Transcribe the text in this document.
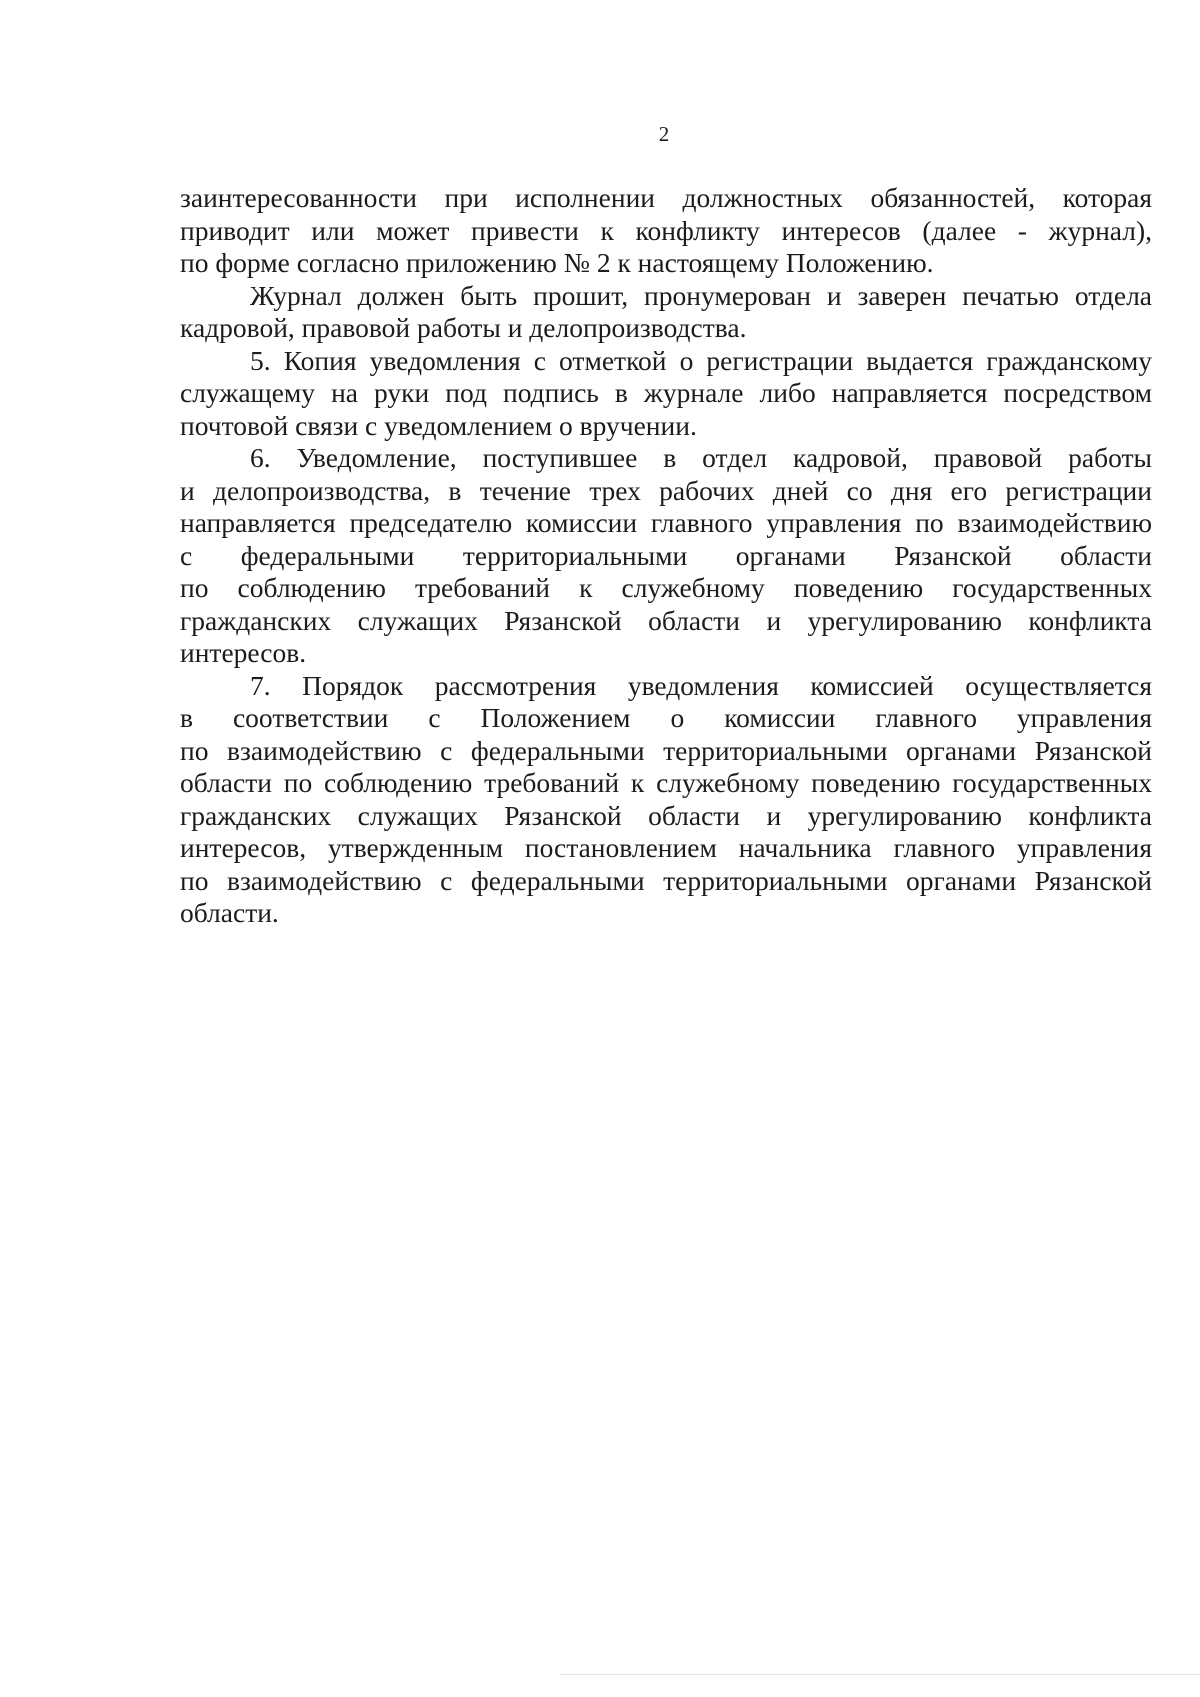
2
заинтересованности при исполнении должностных обязанностей, которая
приводит или может привести к конфликту интересов (далее - журнал),
по форме согласно приложению № 2 к настоящему Положению.
Журнал должен быть прошит, пронумерован и заверен печатью отдела
кадровой, правовой работы и делопроизводства.
5. Копия уведомления с отметкой о регистрации выдается гражданскому
служащему на руки под подпись в журнале либо направляется посредством
почтовой связи с уведомлением о вручении.
6. Уведомление, поступившее в отдел кадровой, правовой работы
и делопроизводства, в течение трех рабочих дней со дня его регистрации
направляется председателю комиссии главного управления по взаимодействию
с федеральными территориальными органами Рязанской области
по соблюдению требований к служебному поведению государственных
гражданских служащих Рязанской области и урегулированию конфликта
интересов.
7. Порядок рассмотрения уведомления комиссией осуществляется
в соответствии с Положением о комиссии главного управления
по взаимодействию с федеральными территориальными органами Рязанской
области по соблюдению требований к служебному поведению государственных
гражданских служащих Рязанской области и урегулированию конфликта
интересов, утвержденным постановлением начальника главного управления
по взаимодействию с федеральными территориальными органами Рязанской
области.
